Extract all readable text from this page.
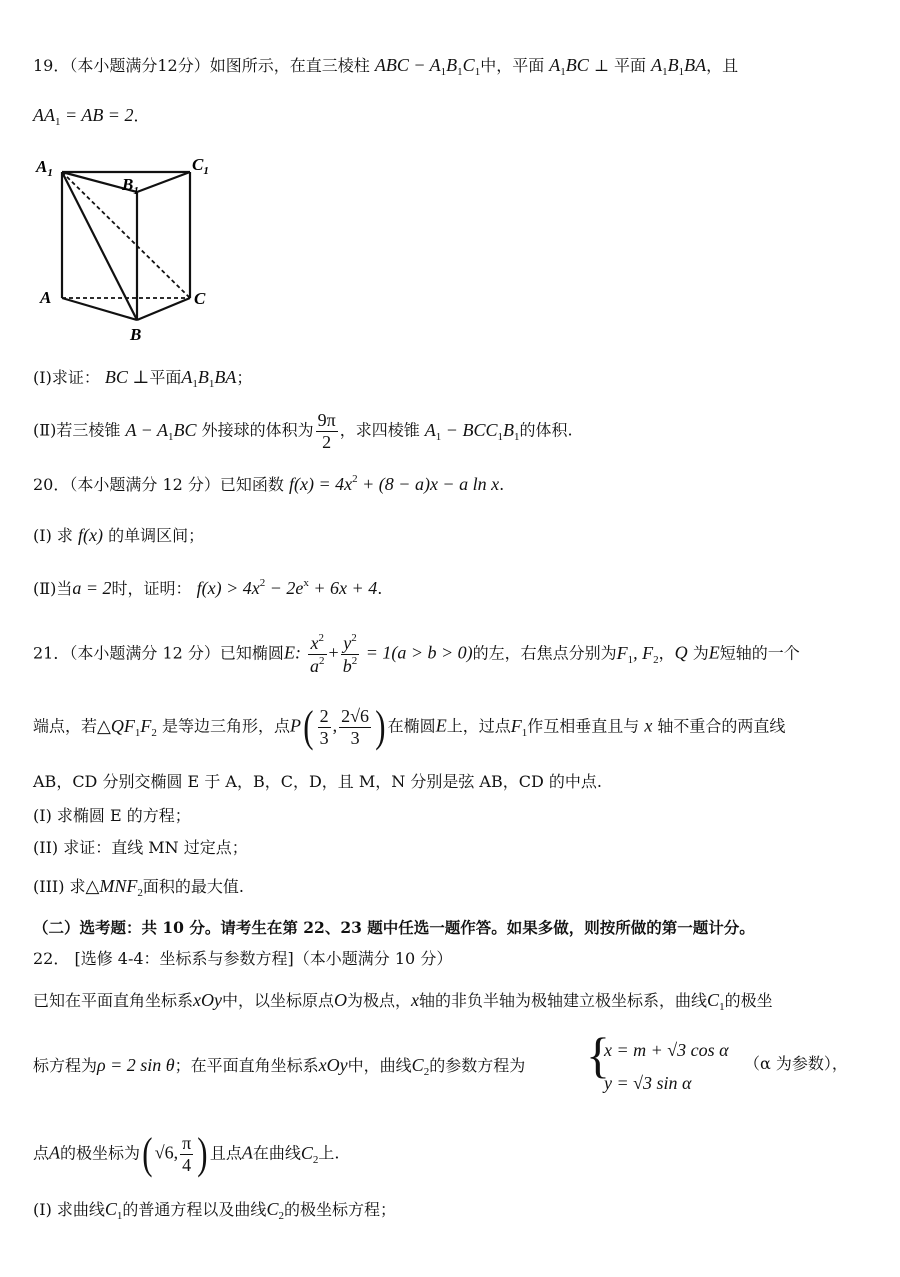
19．（本小题满分12分）如图所示，在直三棱柱 ABC − $A_1B_1C_1$中，平面 $A_1BC$ ⊥ 平面 $A_1B_1BA$，且
$AA_1$ = AB = 2．
$A_1$
$B_1$
$C_1$
A
B
C
(I)求证： BC ⊥平面$A_1B_1BA$；
(Ⅱ)若三棱锥 $A - A_1BC$ 外接球的体积为 $\frac{9\pi}{2}$ ，求四棱锥 $A_1 - BCC_1B_1$的体积.
20．（本小题满分 12 分）已知函数 $f(x) = 4x^2 + (8 - a)x - a$ ln x.
(I) 求 f(x) 的单调区间；
(Ⅱ)当a = 2时，证明： $f(x) > 4x^2 - 2e^x + 6x + 4$.
21．（本小题满分 12 分）已知椭圆E: $\frac{x^2}{a^2} + \frac{y^2}{b^2} = 1(a > b > 0)$的左，右焦点分别为$F_1$, $F_2$，Q 为E短轴的一个
端点，若$\triangle QF_1F_2$ 是等边三角形，点$P( \frac{2}{3}$ , $\frac{2√6}{3}$ ) 在椭圆E上，过点$F_1$作互相垂直且与 x 轴不重合的两直线
AB，CD 分别交椭圆 E 于 A，B，C，D，且 M，N 分别是弦 AB，CD 的中点.
(I) 求椭圆 E 的方程；
(II) 求证：直线 MN 过定点；
(III) 求$\triangle MNF_2$面积的最大值.
（二）选考题：共 10 分。请考生在第 22、23 题中任选一题作答。如果多做，则按所做的第一题计分。
22． [选修 4-4：坐标系与参数方程]（本小题满分 10 分）
已知在平面直角坐标系xOy中，以坐标原点O为极点，x轴的非负半轴为极轴建立极坐标系，曲线$C_1$的极坐
标方程为ρ = 2 sin θ；在平面直角坐标系xOy中，曲线$C_2$的参数方程为 {
x = m + √3 cos α
y = √3 sin α
（α 为参数），
点A的极坐标为( √6, $\frac{\pi}{4}$ ) 且点A在曲线$C_2$上.
(I) 求曲线$C_1$的普通方程以及曲线$C_2$的极坐标方程；
